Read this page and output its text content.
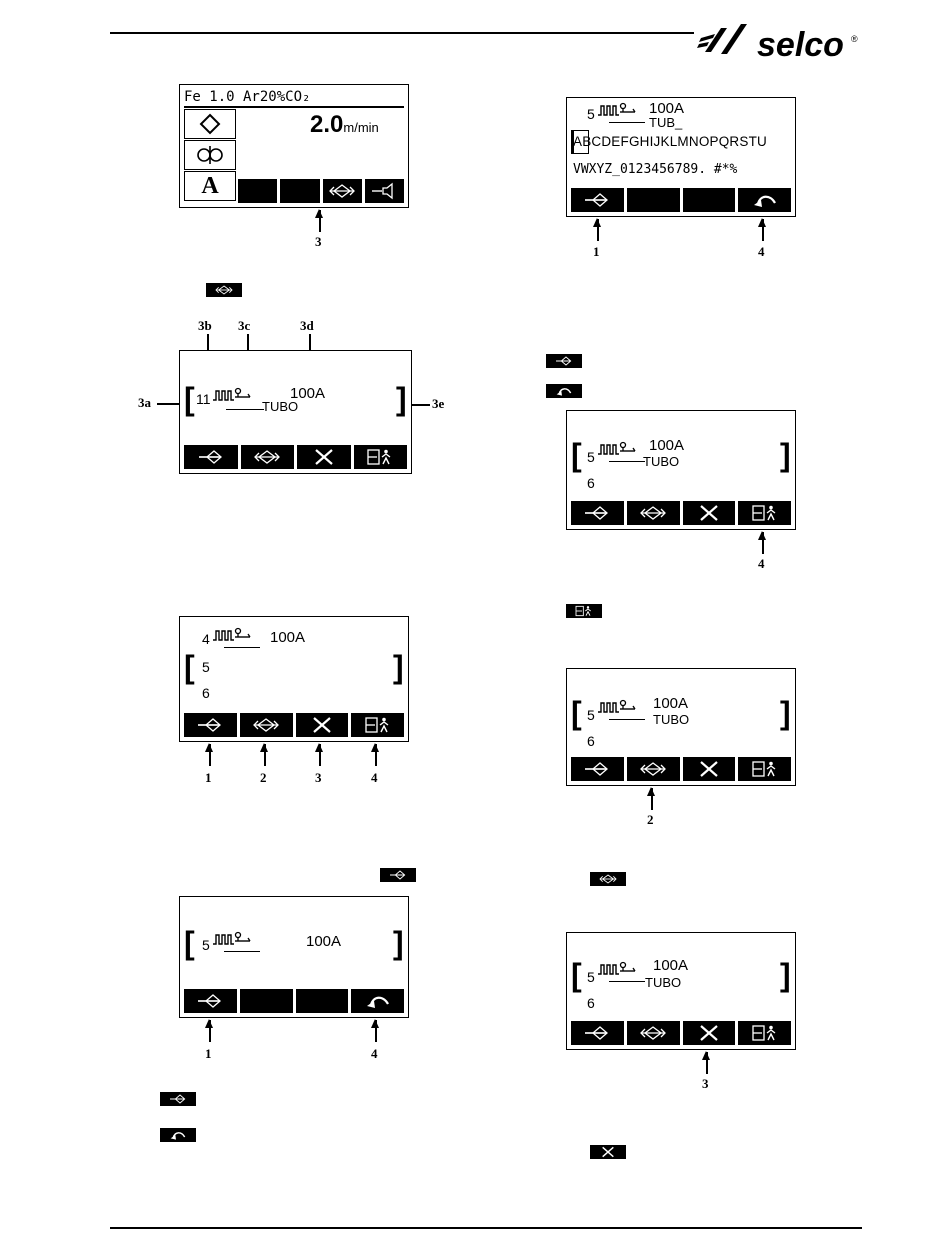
selco ®
Fe 1.0 Ar20%CO₂
A
2.0m/min
3
3b 3c	3d
3a	3e
[	]
11	100A
TUBO
4	100A
[	]
5
6
1	2	3	4
[	]
5	100A
1	4
5	100A
TUB_
ABCDEFGHIJKLMNOPQRSTU
VWXYZ_0123456789. #*%
1	4
[	]
5
100A
TUBO
6
4
[	]
5
100A
TUBO
6
2
[	]
5
100A
TUBO
6
3
